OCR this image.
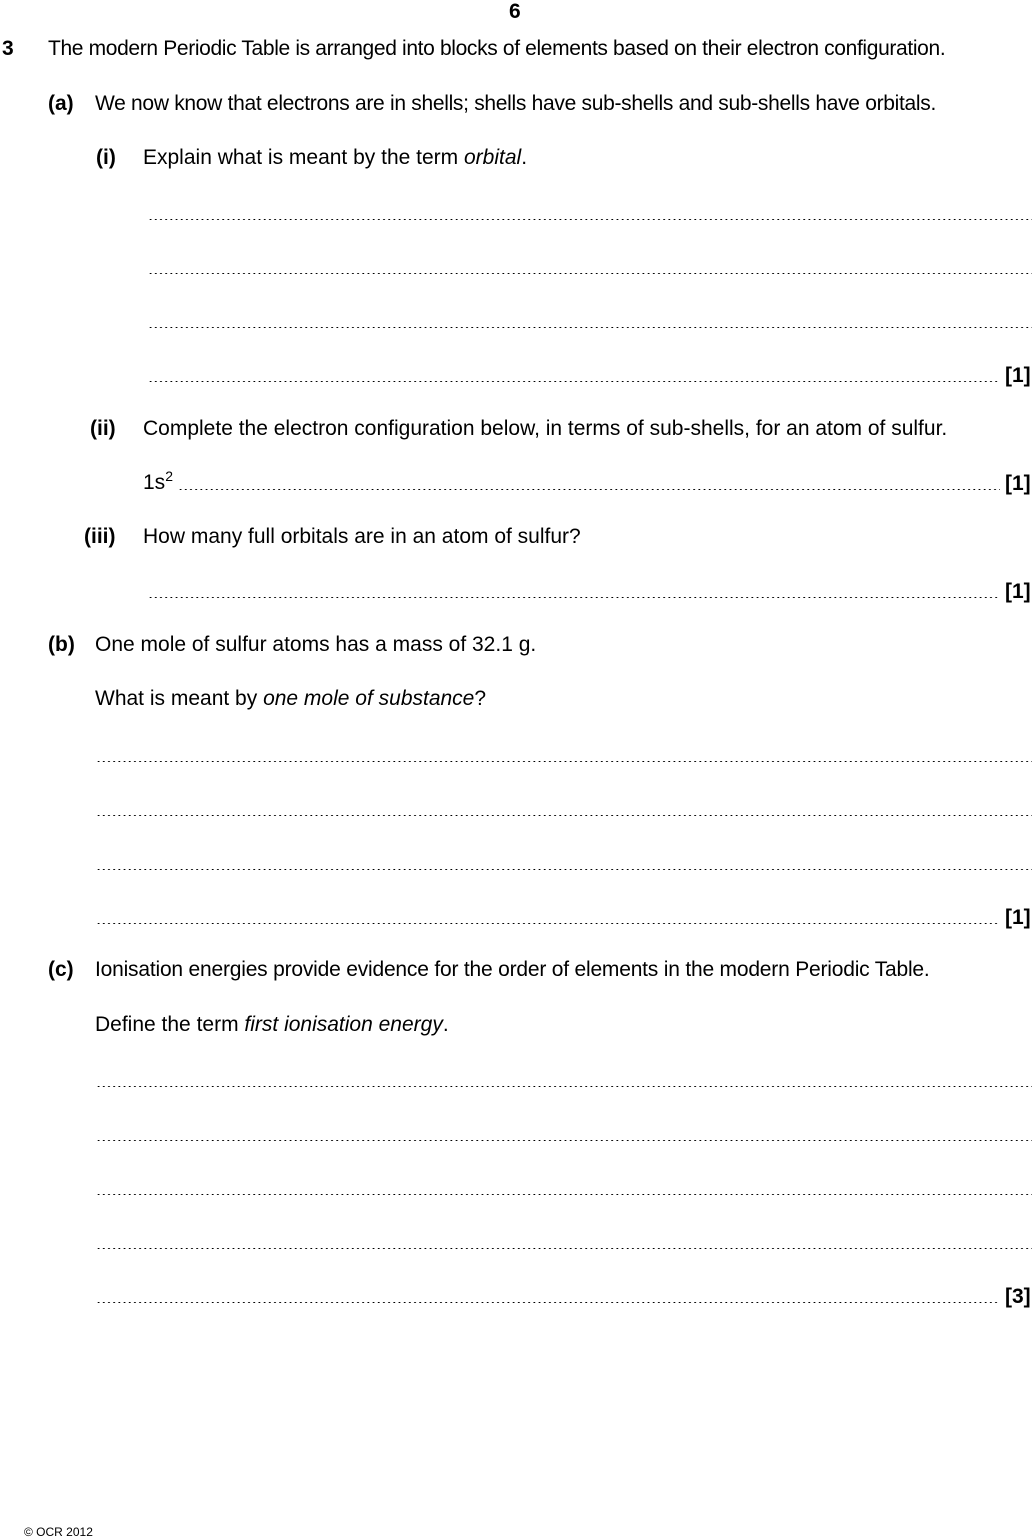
6
3 The modern Periodic Table is arranged into blocks of elements based on their electron configuration.
(a) We now know that electrons are in shells; shells have sub-shells and sub-shells have orbitals.
(i) Explain what is meant by the term orbital.
[1]
(ii) Complete the electron configuration below, in terms of sub-shells, for an atom of sulfur.
$1s^2$	[1]
(iii) How many full orbitals are in an atom of sulfur?
[1]
(b) One mole of sulfur atoms has a mass of 32.1 g.
What is meant by one mole of substance?
[1]
(c) Ionisation energies provide evidence for the order of elements in the modern Periodic Table.
Define the term first ionisation energy.
[3]
© OCR 2012
